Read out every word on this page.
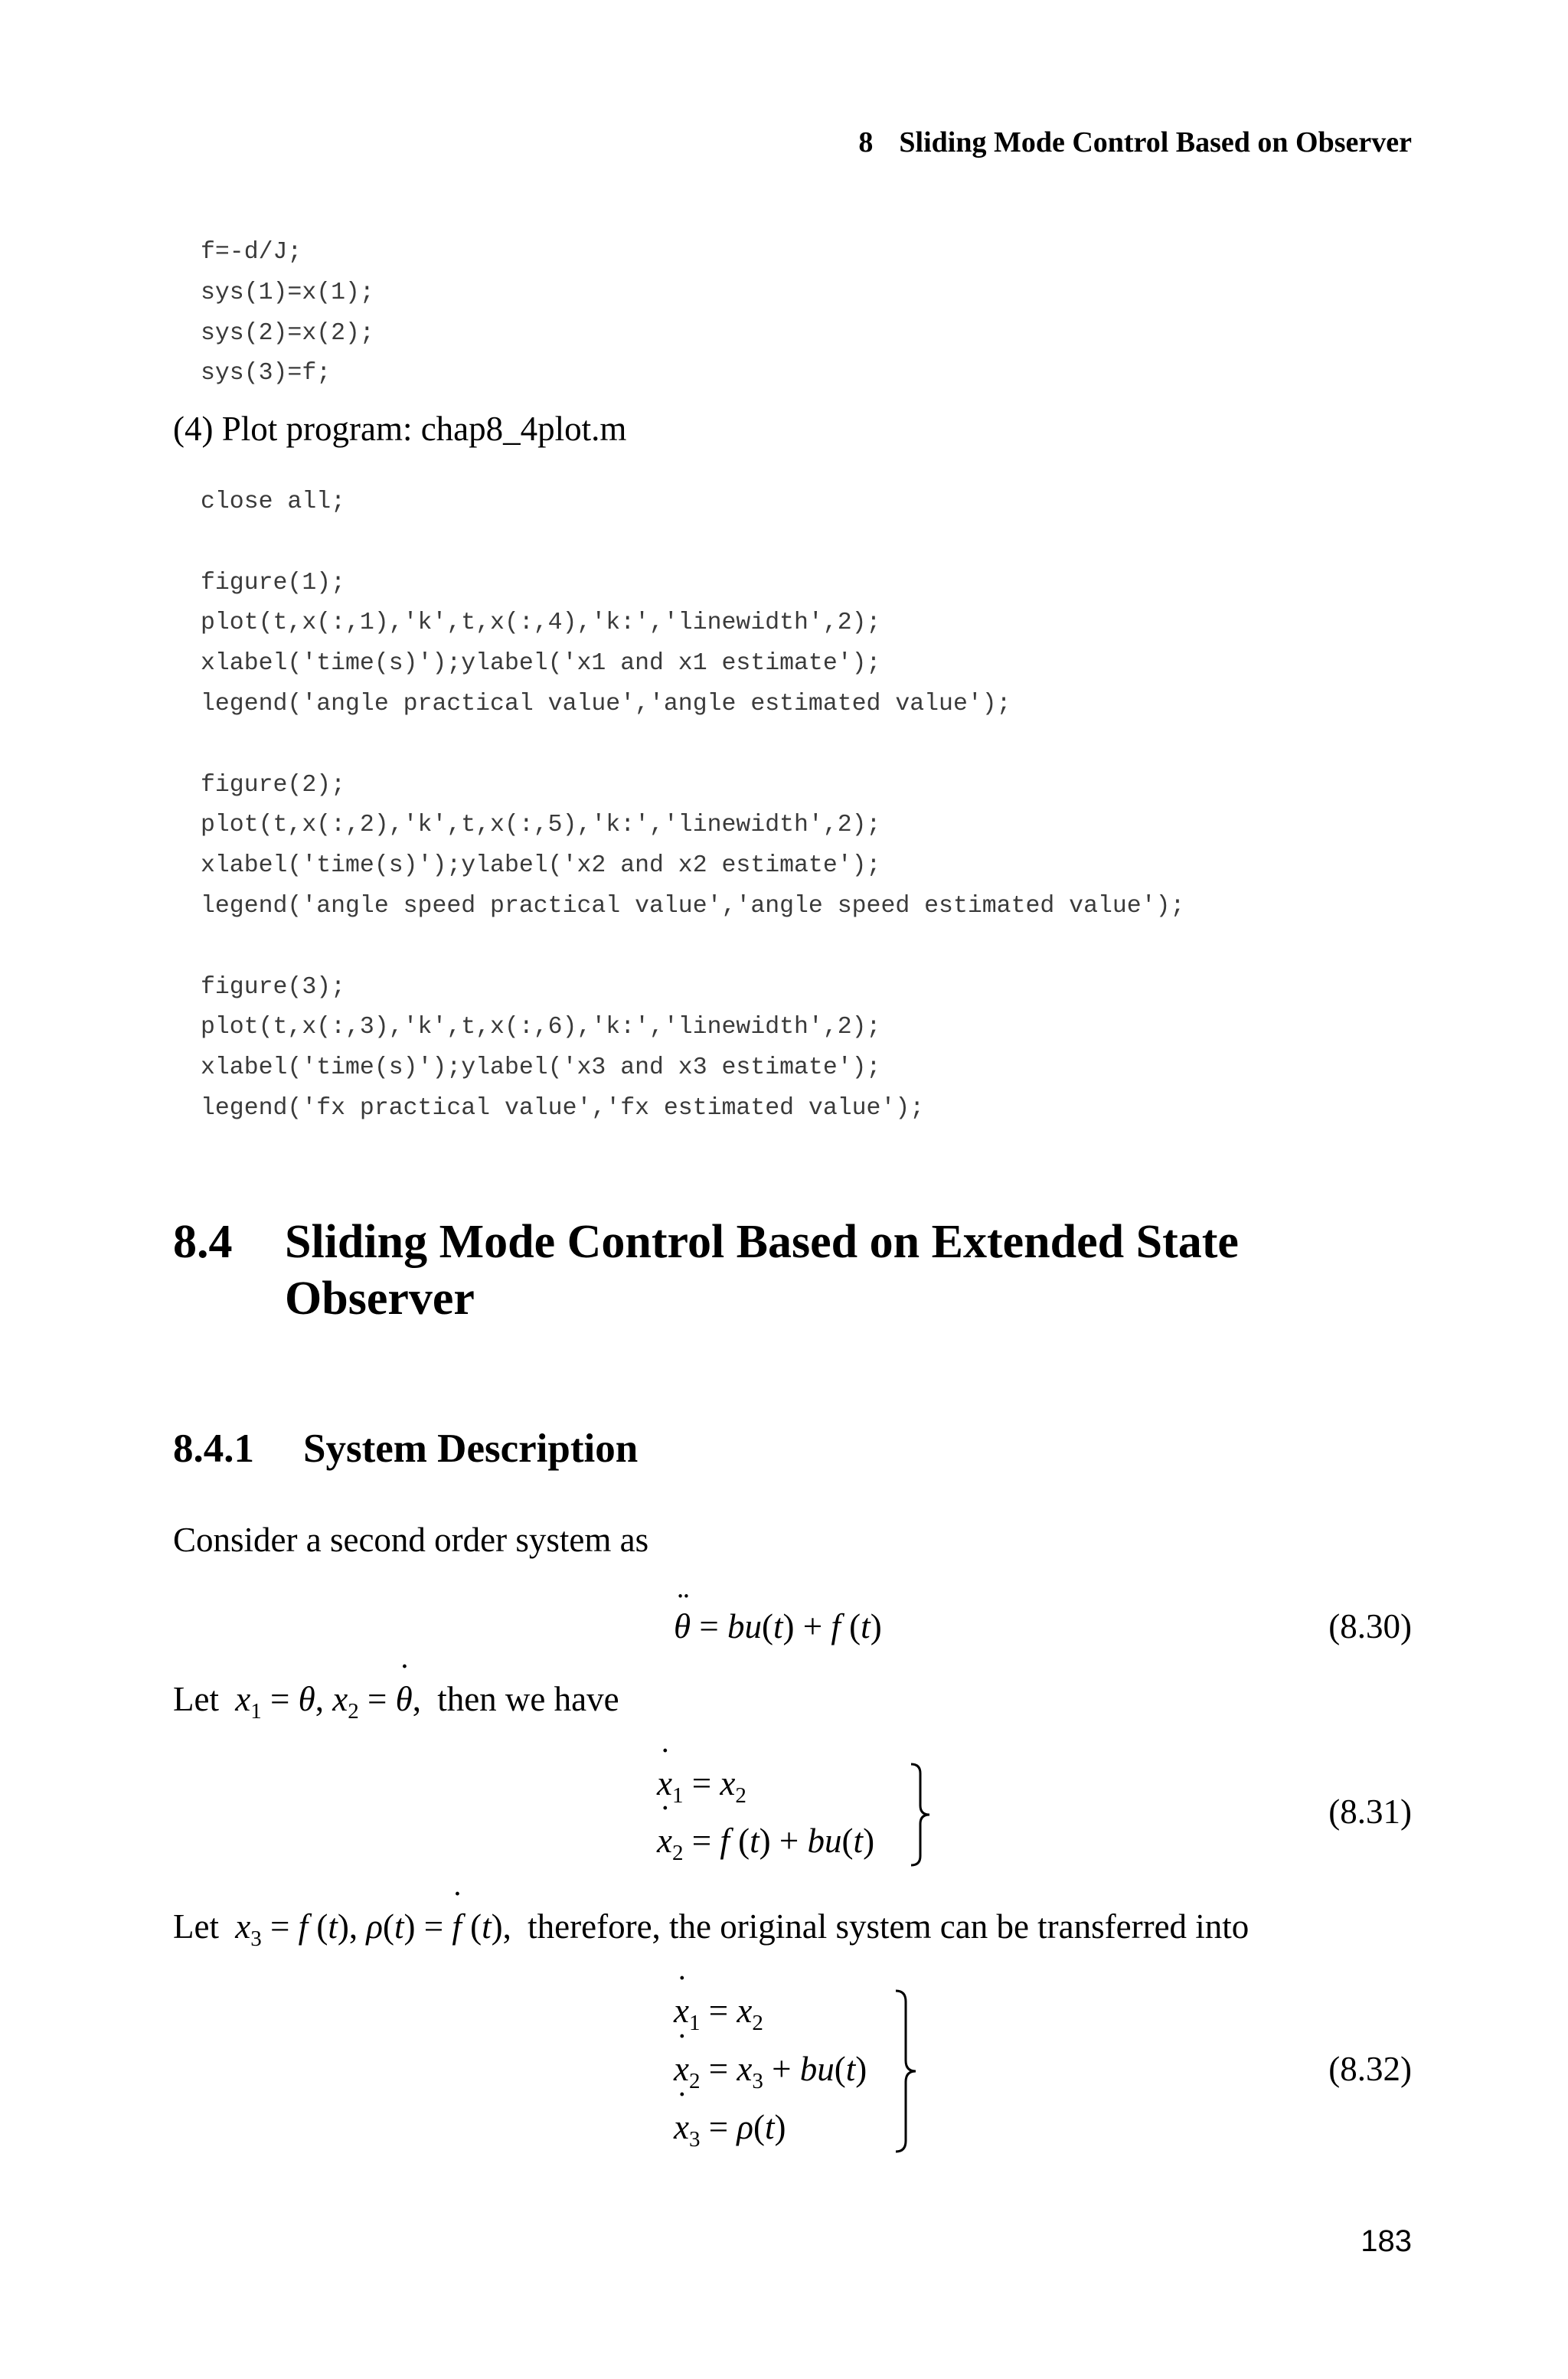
8 Sliding Mode Control Based on Observer
f=-d/J;
sys(1)=x(1);
sys(2)=x(2);
sys(3)=f;
(4) Plot program: chap8_4plot.m
close all;
figure(1);
plot(t,x(:,1),'k',t,x(:,4),'k:','linewidth',2);
xlabel('time(s)');ylabel('x1 and x1 estimate');
legend('angle practical value','angle estimated value');
figure(2);
plot(t,x(:,2),'k',t,x(:,5),'k:','linewidth',2);
xlabel('time(s)');ylabel('x2 and x2 estimate');
legend('angle speed practical value','angle speed estimated value');
figure(3);
plot(t,x(:,3),'k',t,x(:,6),'k:','linewidth',2);
xlabel('time(s)');ylabel('x3 and x3 estimate');
legend('fx practical value','fx estimated value');
8.4 Sliding Mode Control Based on Extended State Observer
8.4.1 System Description
Consider a second order system as
¨ θ = bu(t) + f (t)	(8.30)
Let $x_1 = \theta$, $x_2$ = ˙ θ, then we have
˙ $x_1 = x_2$
˙ $x_2 = f$ (t) + bu(t)
(8.31)
Let $x_3 = f$ (t), ρ(t) = ˙ f (t), therefore, the original system can be transferred into
˙ $x_1 = x_2$
˙ $x_2 = x_3 + bu(t)$
˙ $x_3 = \rho(t)$
(8.32)
183
